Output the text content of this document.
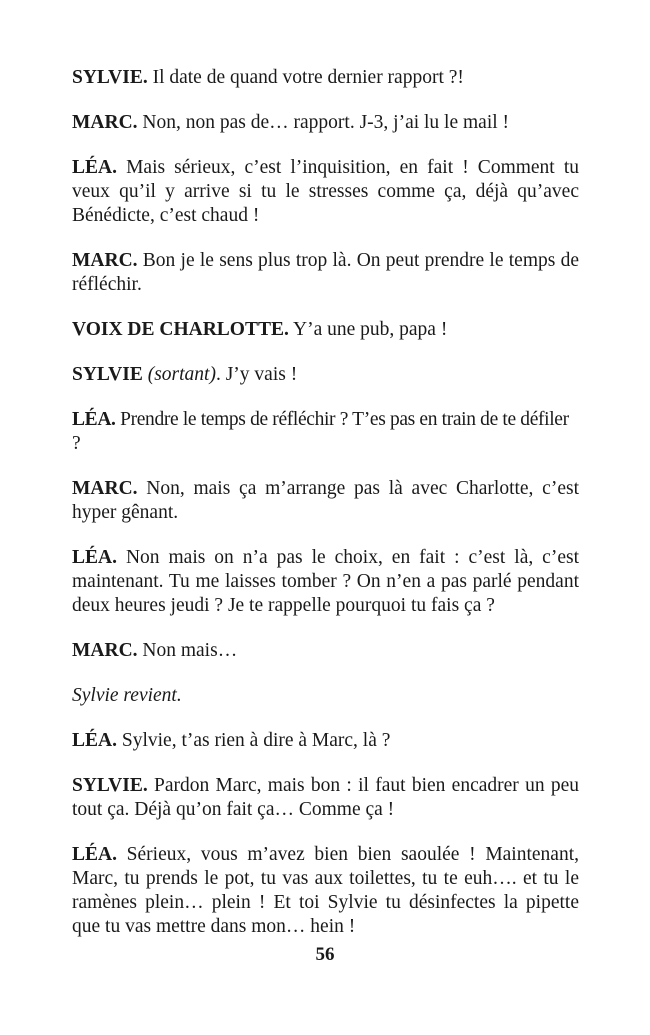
SYLVIE. Il date de quand votre dernier rapport ?!

MARC. Non, non pas de… rapport. J-3, j’ai lu le mail !

LÉA. Mais sérieux, c’est l’inquisition, en fait ! Comment tu veux qu’il y arrive si tu le stresses comme ça, déjà qu’avec Bénédicte, c’est chaud !

MARC. Bon je le sens plus trop là. On peut prendre le temps de réfléchir.

VOIX DE CHARLOTTE. Y’a une pub, papa !

SYLVIE (sortant). J’y vais !

LÉA. Prendre le temps de réfléchir ? T’es pas en train de te défiler ?

MARC. Non, mais ça m’arrange pas là avec Charlotte, c’est hyper gênant.

LÉA. Non mais on n’a pas le choix, en fait : c’est là, c’est maintenant. Tu me laisses tomber ? On n’en a pas parlé pendant deux heures jeudi ? Je te rappelle pourquoi tu fais ça ?

MARC. Non mais…

Sylvie revient.

LÉA. Sylvie, t’as rien à dire à Marc, là ?

SYLVIE. Pardon Marc, mais bon : il faut bien encadrer un peu tout ça. Déjà qu’on fait ça… Comme ça !

LÉA. Sérieux, vous m’avez bien bien saoulée ! Maintenant, Marc, tu prends le pot, tu vas aux toilettes, tu te euh…. et tu le ramènes plein… plein ! Et toi Sylvie tu désinfectes la pipette que tu vas mettre dans mon… hein !

56
